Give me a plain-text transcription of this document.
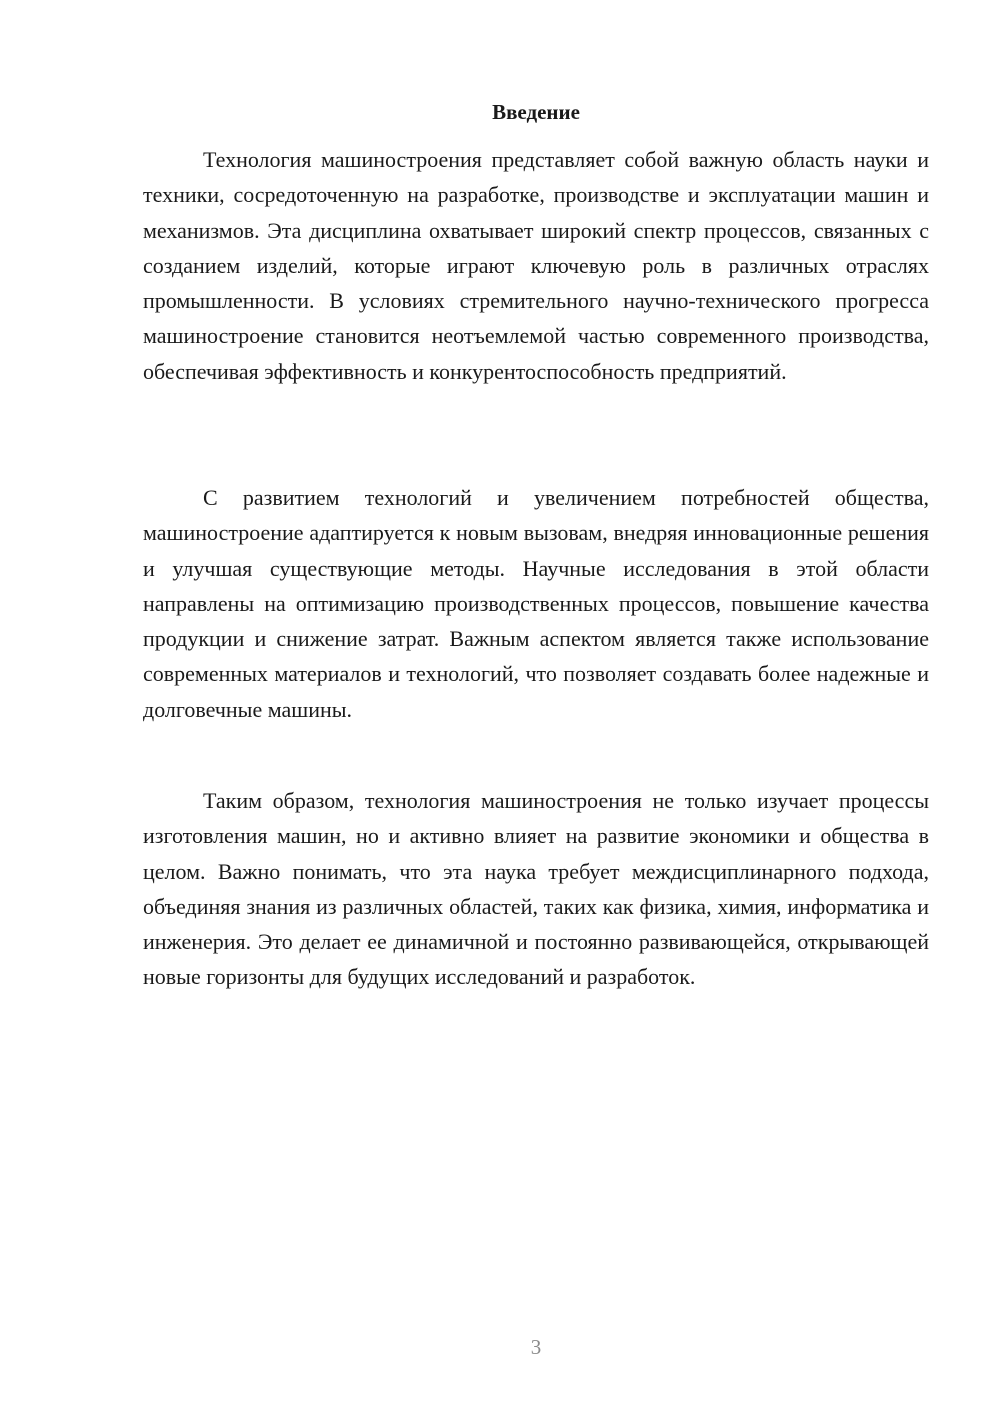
Введение

Технология машиностроения представляет собой важную область науки и техники, сосредоточенную на разработке, производстве и эксплуатации машин и механизмов. Эта дисциплина охватывает широкий спектр процессов, связанных с созданием изделий, которые играют ключевую роль в различных отраслях промышленности. В условиях стремительного научно-технического прогресса машиностроение становится неотъемлемой частью современного производства, обеспечивая эффективность и конкурентоспособность предприятий.

С развитием технологий и увеличением потребностей общества, машиностроение адаптируется к новым вызовам, внедряя инновационные решения и улучшая существующие методы. Научные исследования в этой области направлены на оптимизацию производственных процессов, повышение качества продукции и снижение затрат. Важным аспектом является также использование современных материалов и технологий, что позволяет создавать более надежные и долговечные машины.

Таким образом, технология машиностроения не только изучает процессы изготовления машин, но и активно влияет на развитие экономики и общества в целом. Важно понимать, что эта наука требует междисциплинарного подхода, объединяя знания из различных областей, таких как физика, химия, информатика и инженерия. Это делает ее динамичной и постоянно развивающейся, открывающей новые горизонты для будущих исследований и разработок.

3
